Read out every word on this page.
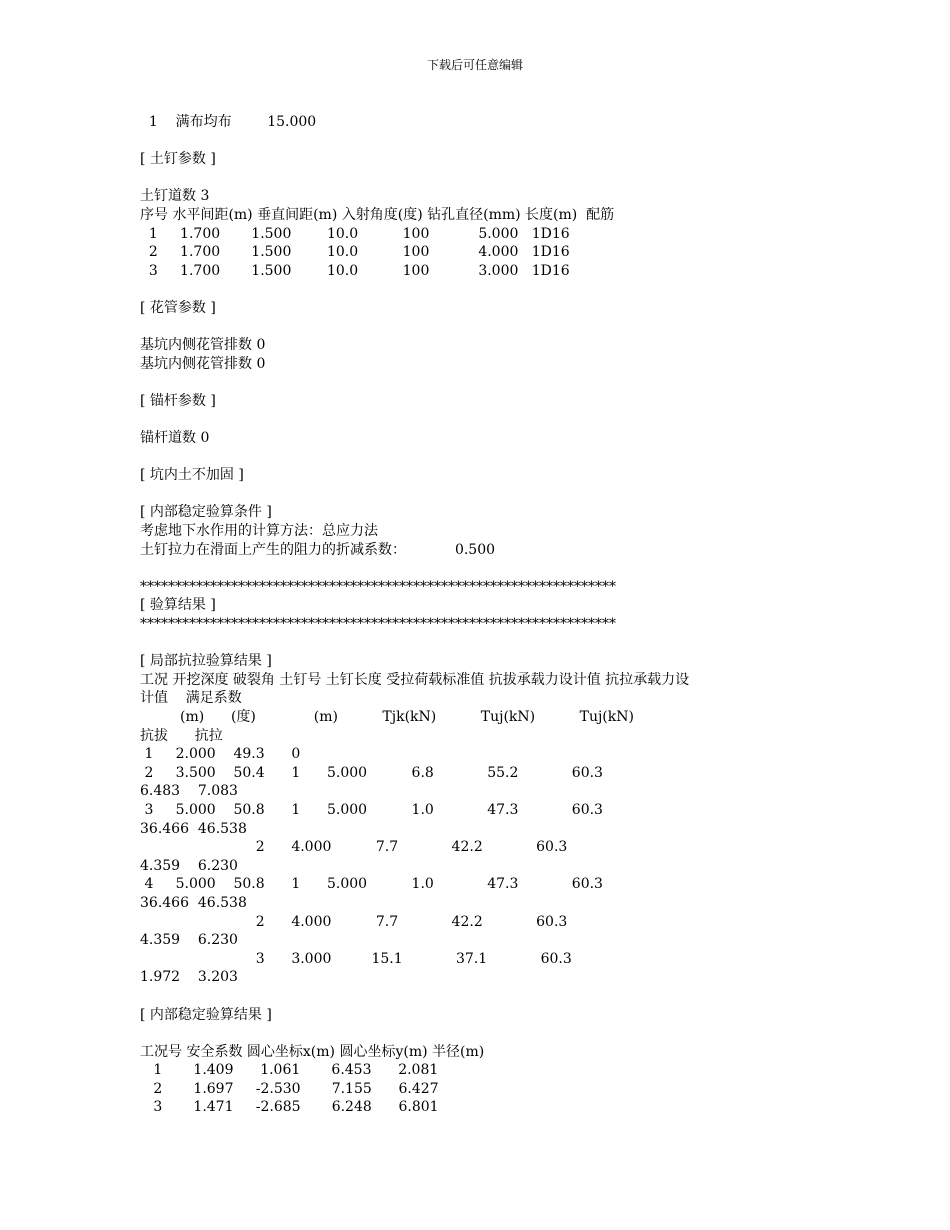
下载后可任意编辑
1    满布均布        15.000
[ 土钉参数 ]
土钉道数 3
序号 水平间距(m) 垂直间距(m) 入射角度(度) 钻孔直径(mm) 长度(m)  配筋
1     1.700       1.500        10.0          100           5.000   1D16
2     1.700       1.500        10.0          100           4.000   1D16
3     1.700       1.500        10.0          100           3.000   1D16
[ 花管参数 ]
基坑内侧花管排数 0
基坑内侧花管排数 0
[ 锚杆参数 ]
锚杆道数 0
[ 坑内土不加固 ]
[ 内部稳定验算条件 ]
考虑地下水作用的计算方法：总应力法
土钉拉力在滑面上产生的阻力的折减系数：           0.500
********************************************************************
[ 验算结果 ]
********************************************************************
[ 局部抗拉验算结果 ]
工况 开挖深度 破裂角 土钉号 土钉长度 受拉荷载标准值 抗拔承载力设计值 抗拉承载力设
计值    满足系数
(m)      (度)             (m)          Tjk(kN)          Tuj(kN)          Tuj(kN)
抗拔      抗拉
1     2.000    49.3      0
2     3.500    50.4      1      5.000          6.8            55.2            60.3
6.483    7.083
3     5.000    50.8      1      5.000          1.0            47.3            60.3
36.466  46.538
2      4.000          7.7            42.2            60.3
4.359    6.230
4     5.000    50.8      1      5.000          1.0            47.3            60.3
36.466  46.538
2      4.000          7.7            42.2            60.3
4.359    6.230
3      3.000         15.1            37.1            60.3
1.972    3.203
[ 内部稳定验算结果 ]
工况号 安全系数 圆心坐标x(m) 圆心坐标y(m) 半径(m)
1       1.409      1.061       6.453      2.081
2       1.697     -2.530       7.155      6.427
3       1.471     -2.685       6.248      6.801
